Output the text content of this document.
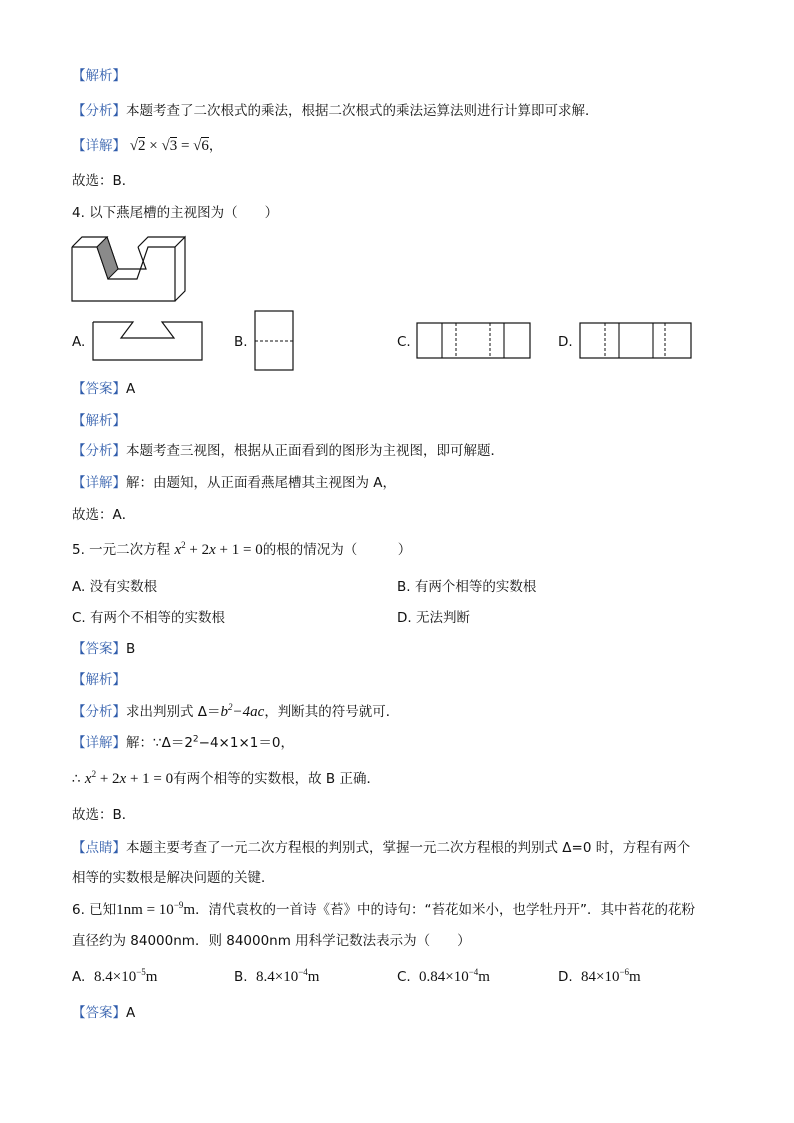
【解析】
【分析】本题考查了二次根式的乘法，根据二次根式的乘法运算法则进行计算即可求解．
【详解】 √2 × √3 = √6，
故选：B．
4. 以下燕尾槽的主视图为（　　）
A.	B.	C.	D.
【答案】A
【解析】
【分析】本题考查三视图，根据从正面看到的图形为主视图，即可解题．
【详解】解：由题知，从正面看燕尾槽其主视图为 A，
故选：A．
5. 一元二次方程 $x^2 + 2x + 1 = 0$的根的情况为（　　　）
A. 没有实数根	B. 有两个相等的实数根
C. 有两个不相等的实数根	D. 无法判断
【答案】B
【解析】
【分析】求出判别式 $\Delta=b^2-4ac$，判断其的符号就可．
【详解】解：$\because\Delta=2^2-4\times 1\times 1=0$，
∴ $x^2 + 2x + 1 = 0$有两个相等的实数根，故 B 正确．
故选：B．
【点睛】本题主要考查了一元二次方程根的判别式，掌握一元二次方程根的判别式 Δ=0 时，方程有两个
相等的实数根是解决问题的关键．
6. 已知$1nm = 10^{-9}m$．清代袁枚的一首诗《苔》中的诗句：“苔花如米小，也学牡丹开”．其中苔花的花粉
直径约为 84000nm．则 84000nm 用科学记数法表示为（　　）
A. $8.4\times 10^{-5}m$	B. $8.4\times 10^{-4}m$	C. $0.84\times 10^{-4}m$	D. $84\times 10^{-6}m$
【答案】A
